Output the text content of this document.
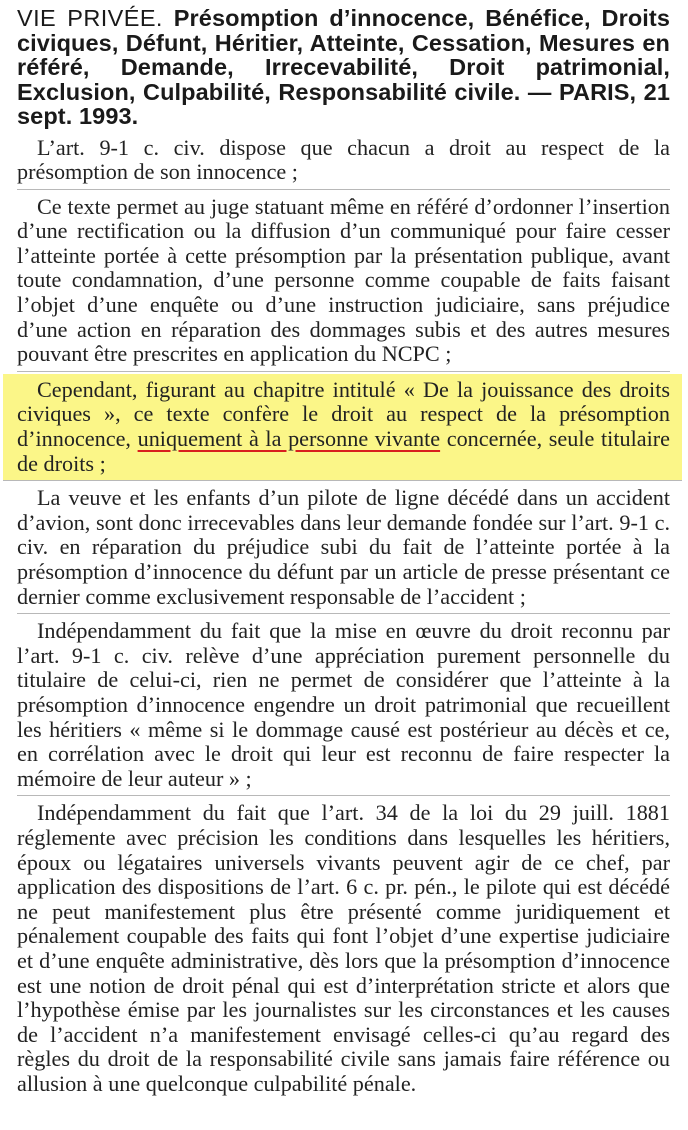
VIE PRIVÉE. Présomption d’innocence, Bénéfice, Droits civiques, Défunt, Héritier, Atteinte, Cessation, Mesures en référé, Demande, Irrecevabilité, Droit patrimonial, Exclusion, Culpabilité, Responsabilité civile. — PARIS, 21 sept. 1993.

L’art. 9-1 c. civ. dispose que chacun a droit au respect de la présomption de son innocence ;

Ce texte permet au juge statuant même en référé d’ordonner l’insertion d’une rectification ou la diffusion d’un communiqué pour faire cesser l’atteinte portée à cette présomption par la présentation publique, avant toute condamnation, d’une personne comme coupable de faits faisant l’objet d’une enquête ou d’une instruction judiciaire, sans préjudice d’une action en réparation des dommages subis et des autres mesures pouvant être prescrites en application du NCPC ;

Cependant, figurant au chapitre intitulé « De la jouissance des droits civiques », ce texte confère le droit au respect de la présomption d’innocence, uniquement à la personne vivante concernée, seule titulaire de droits ;

La veuve et les enfants d’un pilote de ligne décédé dans un accident d’avion, sont donc irrecevables dans leur demande fondée sur l’art. 9-1 c. civ. en réparation du préjudice subi du fait de l’atteinte portée à la présomption d’innocence du défunt par un article de presse présentant ce dernier comme exclusivement responsable de l’accident ;

Indépendamment du fait que la mise en œuvre du droit reconnu par l’art. 9-1 c. civ. relève d’une appréciation purement personnelle du titulaire de celui-ci, rien ne permet de considérer que l’atteinte à la présomption d’innocence engendre un droit patrimonial que recueillent les héritiers « même si le dommage causé est postérieur au décès et ce, en corrélation avec le droit qui leur est reconnu de faire respecter la mémoire de leur auteur » ;

Indépendamment du fait que l’art. 34 de la loi du 29 juill. 1881 réglemente avec précision les conditions dans lesquelles les héritiers, époux ou légataires universels vivants peuvent agir de ce chef, par application des dispositions de l’art. 6 c. pr. pén., le pilote qui est décédé ne peut manifestement plus être présenté comme juridiquement et pénalement coupable des faits qui font l’objet d’une expertise judiciaire et d’une enquête administrative, dès lors que la présomption d’innocence est une notion de droit pénal qui est d’interprétation stricte et alors que l’hypothèse émise par les journalistes sur les circonstances et les causes de l’accident n’a manifestement envisagé celles-ci qu’au regard des règles du droit de la responsabilité civile sans jamais faire référence ou allusion à une quelconque culpabilité pénale.
